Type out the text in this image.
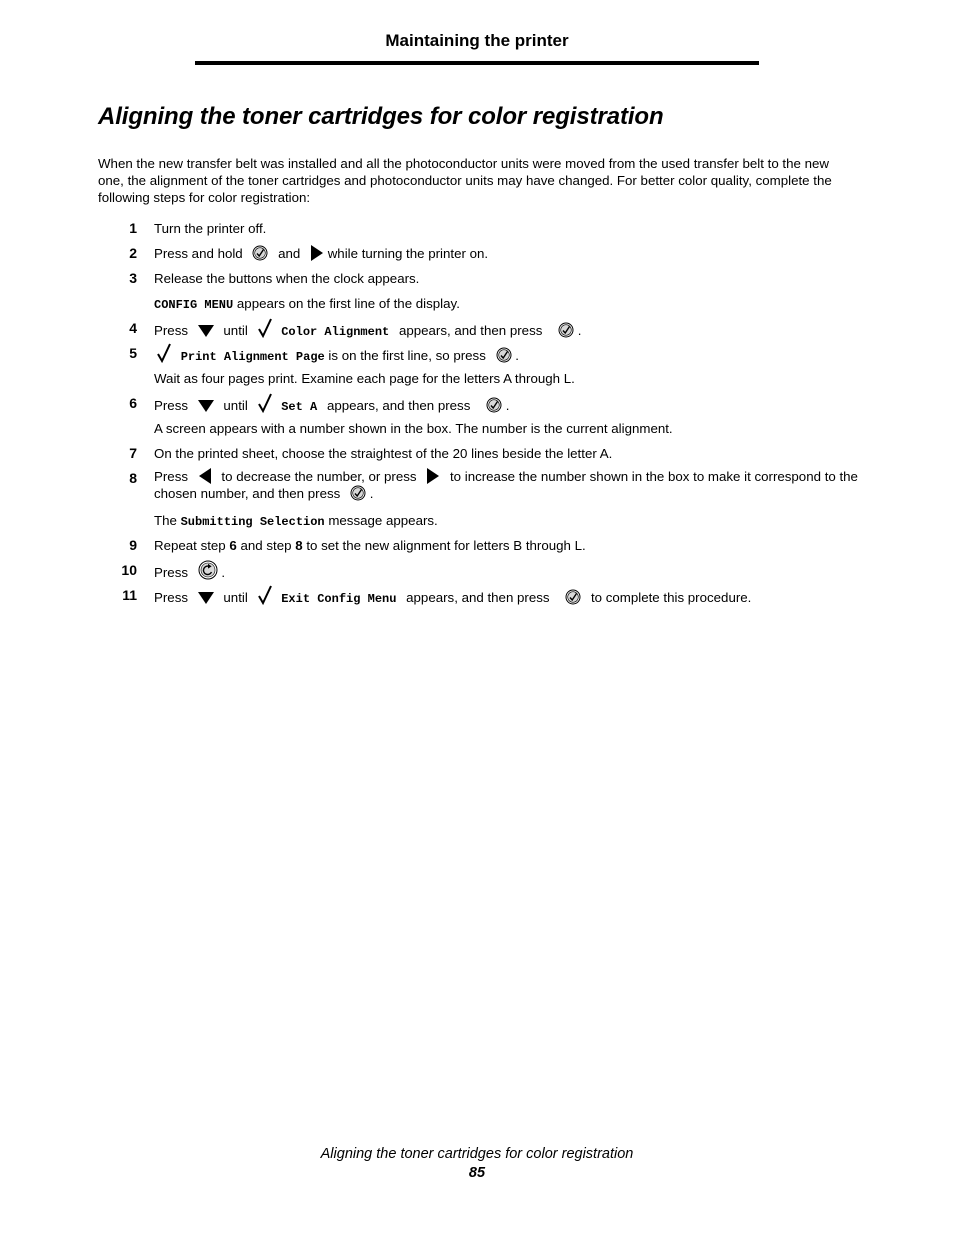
Maintaining the printer
Aligning the toner cartridges for color registration

When the new transfer belt was installed and all the photoconductor units were moved from the used transfer belt to the new one, the alignment of the toner cartridges and photoconductor units may have changed. For better color quality, complete the following steps for color registration:

1 Turn the printer off.
2 Press and hold	and while turning the printer on.
3 Release the buttons when the clock appears.
CONFIG MENU appears on the first line of the display.
4 Press	until	Color Alignment appears, and then press	.
5	Print Alignment Page is on the first line, so press .
Wait as four pages print. Examine each page for the letters A through L.
6 Press	until	Set A appears, and then press	.
A screen appears with a number shown in the box. The number is the current alignment.
7 On the printed sheet, choose the straightest of the 20 lines beside the letter A.
8 Press	to decrease the number, or press	to increase the number shown in the box to make it correspond to the chosen number, and then press .
The Submitting Selection message appears.
9 Repeat step 6 and step 8 to set the new alignment for letters B through L.
10 Press	.
11 Press	until	Exit Config Menu appears, and then press	to complete this procedure.
Aligning the toner cartridges for color registration
85
